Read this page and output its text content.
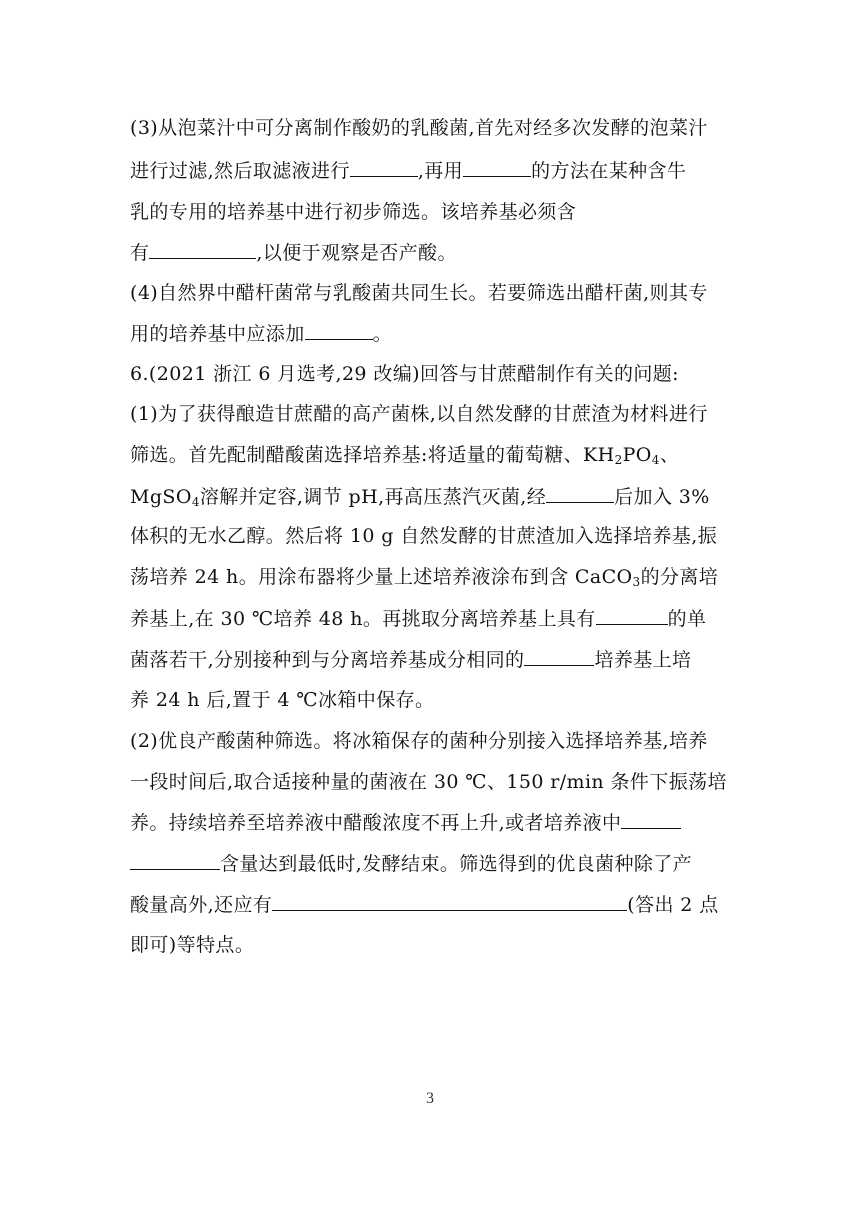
(3)从泡菜汁中可分离制作酸奶的乳酸菌,首先对经多次发酵的泡菜汁
进行过滤,然后取滤液进行	,再用	的方法在某种含牛
乳的专用的培养基中进行初步筛选。该培养基必须含
有	,以便于观察是否产酸。
(4)自然界中醋杆菌常与乳酸菌共同生长。若要筛选出醋杆菌,则其专
用的培养基中应添加	。
6.(2021 浙江 6 月选考,29 改编)回答与甘蔗醋制作有关的问题:
(1)为了获得酿造甘蔗醋的高产菌株,以自然发酵的甘蔗渣为材料进行
筛选。首先配制醋酸菌选择培养基:将适量的葡萄糖、$KH_2PO_4$、
MgSO$_4$溶解并定容,调节 pH,再高压蒸汽灭菌,经	后加入 3%
体积的无水乙醇。然后将 10 g 自然发酵的甘蔗渣加入选择培养基,振
荡培养 24 h。用涂布器将少量上述培养液涂布到含 CaCO$_3$的分离培
养基上,在 30 ℃培养 48 h。再挑取分离培养基上具有	的单
菌落若干,分别接种到与分离培养基成分相同的	培养基上培
养 24 h 后,置于 4 ℃冰箱中保存。
(2)优良产酸菌种筛选。将冰箱保存的菌种分别接入选择培养基,培养
一段时间后,取合适接种量的菌液在 30 ℃、150 r/min 条件下振荡培
养。持续培养至培养液中醋酸浓度不再上升,或者培养液中
含量达到最低时,发酵结束。筛选得到的优良菌种除了产
酸量高外,还应有	(答出 2 点
即可)等特点。
3
